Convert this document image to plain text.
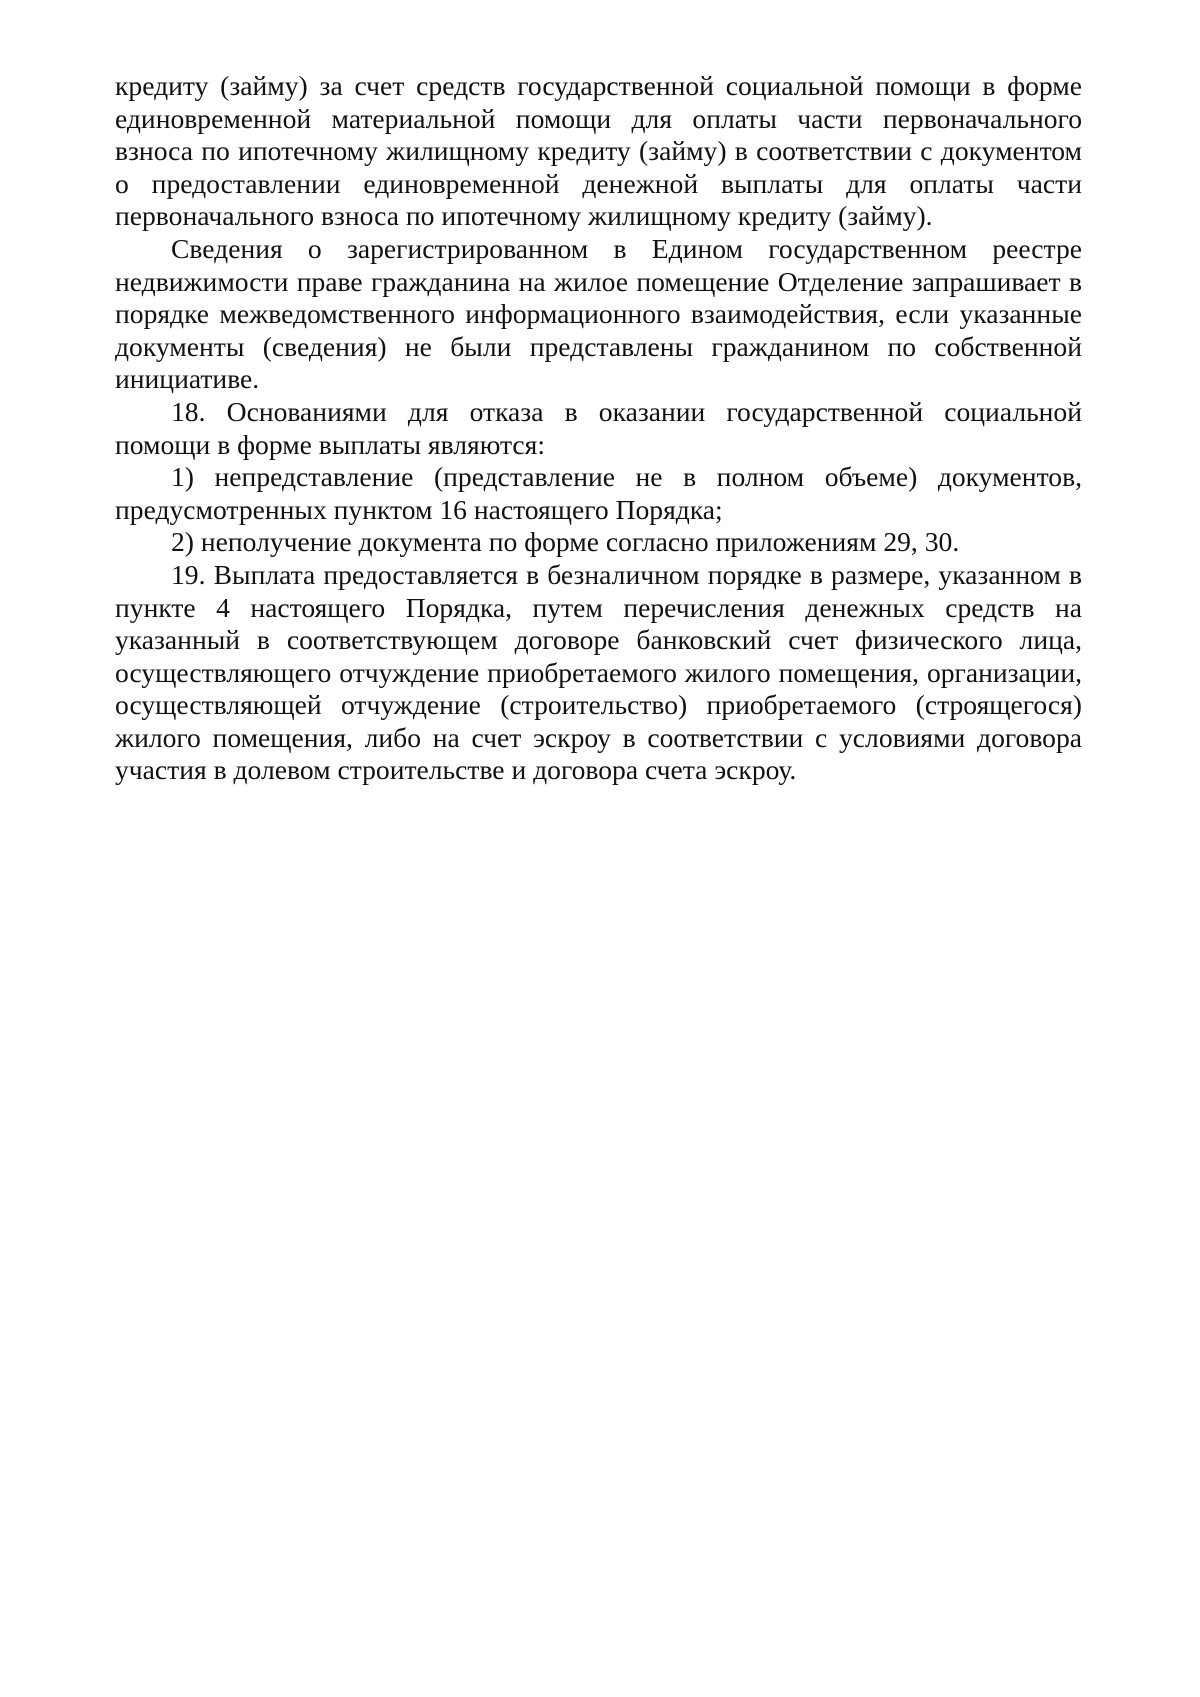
кредиту (займу) за счет средств государственной социальной помощи в форме единовременной материальной помощи для оплаты части первоначального взноса по ипотечному жилищному кредиту (займу) в соответствии с документом о предоставлении единовременной денежной выплаты для оплаты части первоначального взноса по ипотечному жилищному кредиту (займу).

Сведения о зарегистрированном в Едином государственном реестре недвижимости праве гражданина на жилое помещение Отделение запрашивает в порядке межведомственного информационного взаимодействия, если указанные документы (сведения) не были представлены гражданином по собственной инициативе.

18. Основаниями для отказа в оказании государственной социальной помощи в форме выплаты являются:

1) непредставление (представление не в полном объеме) документов, предусмотренных пунктом 16 настоящего Порядка;

2) неполучение документа по форме согласно приложениям 29, 30.

19. Выплата предоставляется в безналичном порядке в размере, указанном в пункте 4 настоящего Порядка, путем перечисления денежных средств на указанный в соответствующем договоре банковский счет физического лица, осуществляющего отчуждение приобретаемого жилого помещения, организации, осуществляющей отчуждение (строительство) приобретаемого (строящегося) жилого помещения, либо на счет эскроу в соответствии с условиями договора участия в долевом строительстве и договора счета эскроу.
